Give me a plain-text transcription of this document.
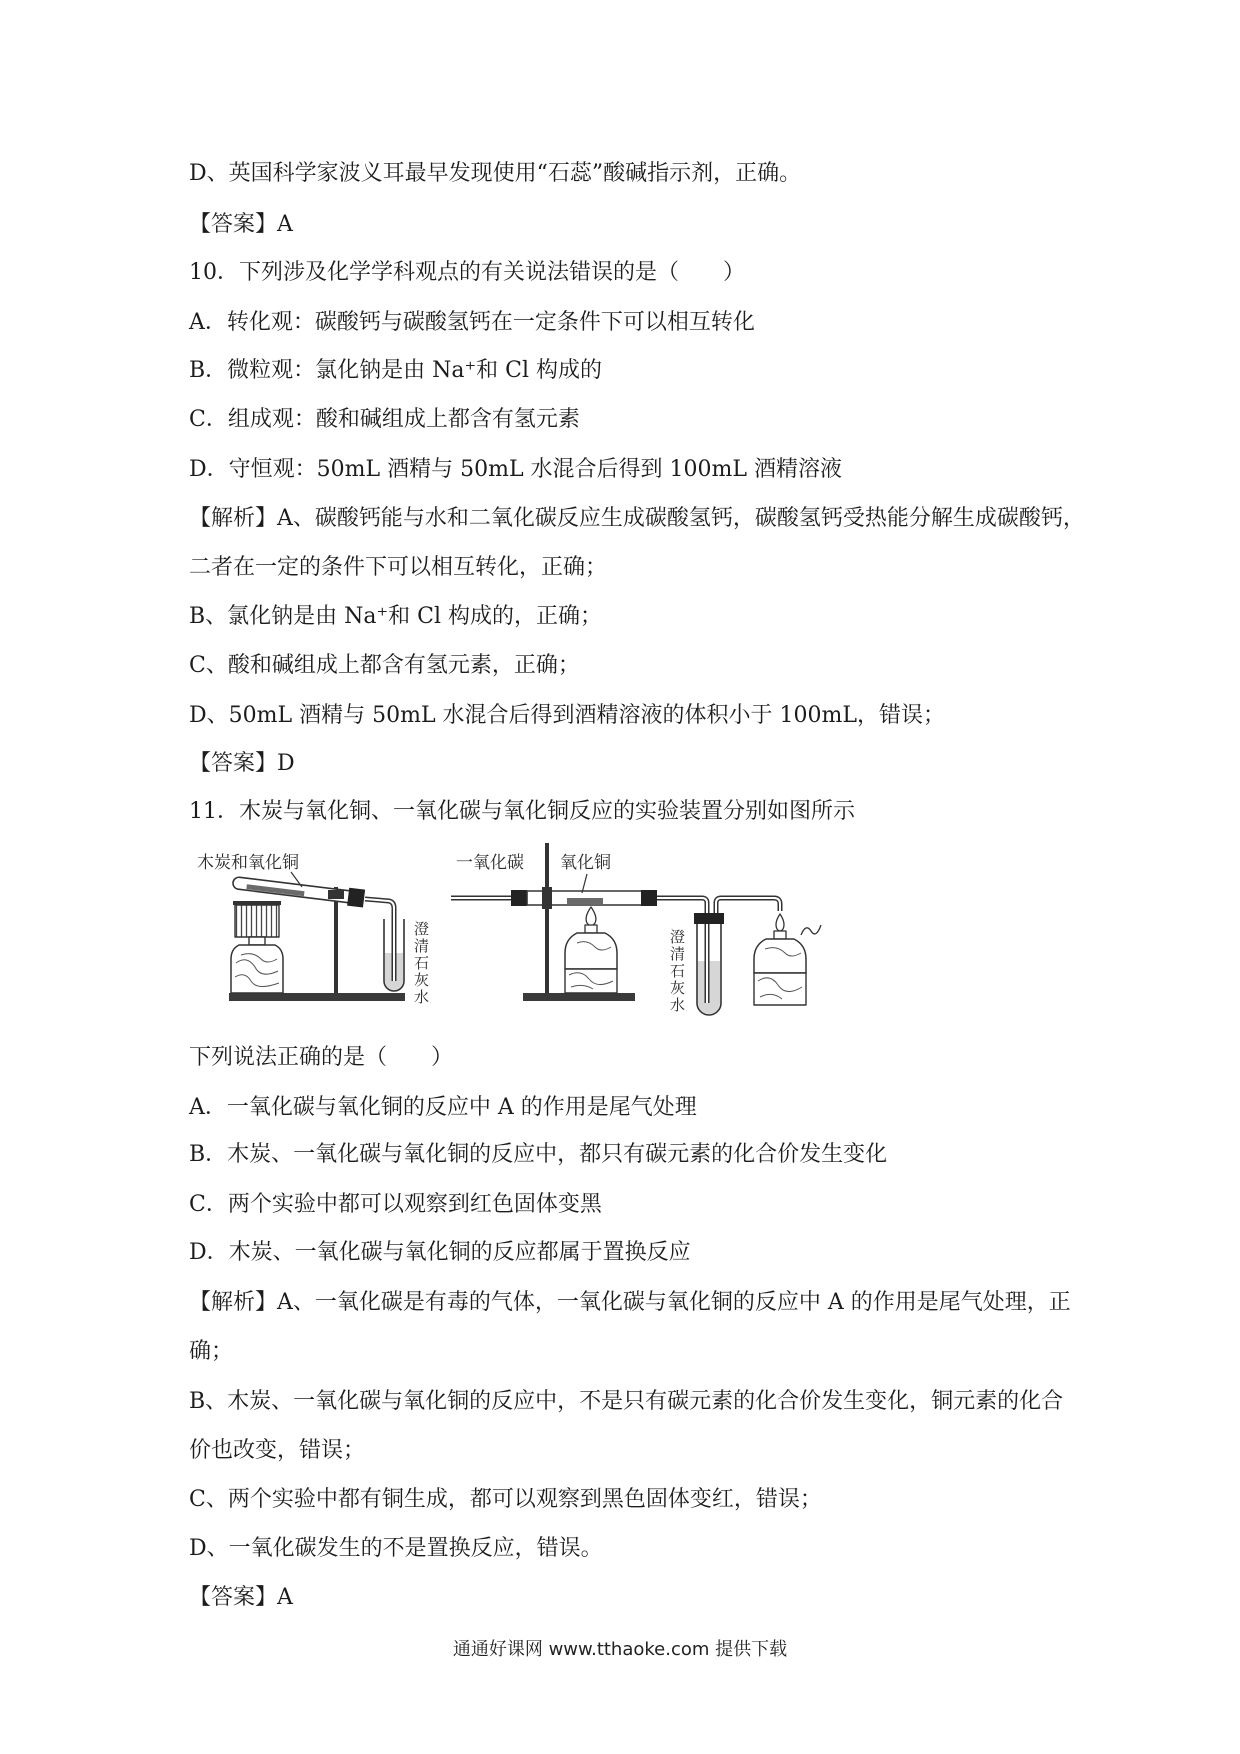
D、英国科学家波义耳最早发现使用“石蕊”酸碱指示剂，正确。
【答案】A
10．下列涉及化学学科观点的有关说法错误的是（　　）
A．转化观：碳酸钙与碳酸氢钙在一定条件下可以相互转化
B．微粒观：氯化钠是由 Na⁺和 Cl 构成的
C．组成观：酸和碱组成上都含有氢元素
D．守恒观：50mL 酒精与 50mL 水混合后得到 100mL 酒精溶液
【解析】A、碳酸钙能与水和二氧化碳反应生成碳酸氢钙，碳酸氢钙受热能分解生成碳酸钙，
二者在一定的条件下可以相互转化，正确；
B、氯化钠是由 Na⁺和 Cl 构成的，正确；
C、酸和碱组成上都含有氢元素，正确；
D、50mL 酒精与 50mL 水混合后得到酒精溶液的体积小于 100mL，错误；
【答案】D
11．木炭与氧化铜、一氧化碳与氧化铜反应的实验装置分别如图所示
木炭和氧化铜
澄清石灰水
一氧化碳 氧化铜
澄清石灰水
下列说法正确的是（　　）
A．一氧化碳与氧化铜的反应中 A 的作用是尾气处理
B．木炭、一氧化碳与氧化铜的反应中，都只有碳元素的化合价发生变化
C．两个实验中都可以观察到红色固体变黑
D．木炭、一氧化碳与氧化铜的反应都属于置换反应
【解析】A、一氧化碳是有毒的气体，一氧化碳与氧化铜的反应中 A 的作用是尾气处理，正
确；
B、木炭、一氧化碳与氧化铜的反应中，不是只有碳元素的化合价发生变化，铜元素的化合
价也改变，错误；
C、两个实验中都有铜生成，都可以观察到黑色固体变红，错误；
D、一氧化碳发生的不是置换反应，错误。
【答案】A
通通好课网 www.tthaoke.com 提供下载
